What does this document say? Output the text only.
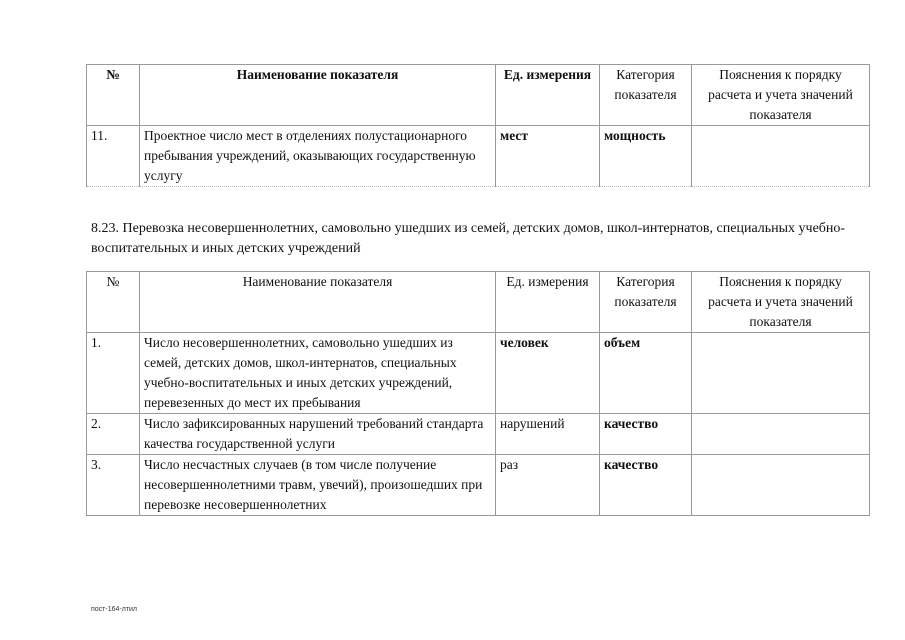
№	Наименование показателя	Ед. измерения	Категория показателя	Пояснения к порядку расчета и учета значений показателя
11.	Проектное число мест в отделениях полустационарного пребывания учреждений, оказывающих государственную услугу	мест	мощность	
8.23. Перевозка несовершеннолетних, самовольно ушедших из семей, детских домов, школ-интернатов, специальных учебно-воспитательных и иных детских учреждений
№	Наименование показателя	Ед. измерения	Категория показателя	Пояснения к порядку расчета и учета значений показателя
1.	Число несовершеннолетних, самовольно ушедших из семей, детских домов, школ-интернатов, специальных учебно-воспитательных и иных детских учреждений, перевезенных до мест их пребывания	человек	объем	
2.	Число зафиксированных нарушений требований стандарта качества государственной услуги	нарушений	качество	
3.	Число несчастных случаев (в том числе получение несовершеннолетними травм, увечий), произошедших при перевозке несовершеннолетних	раз	качество	
пост-164-лтил
